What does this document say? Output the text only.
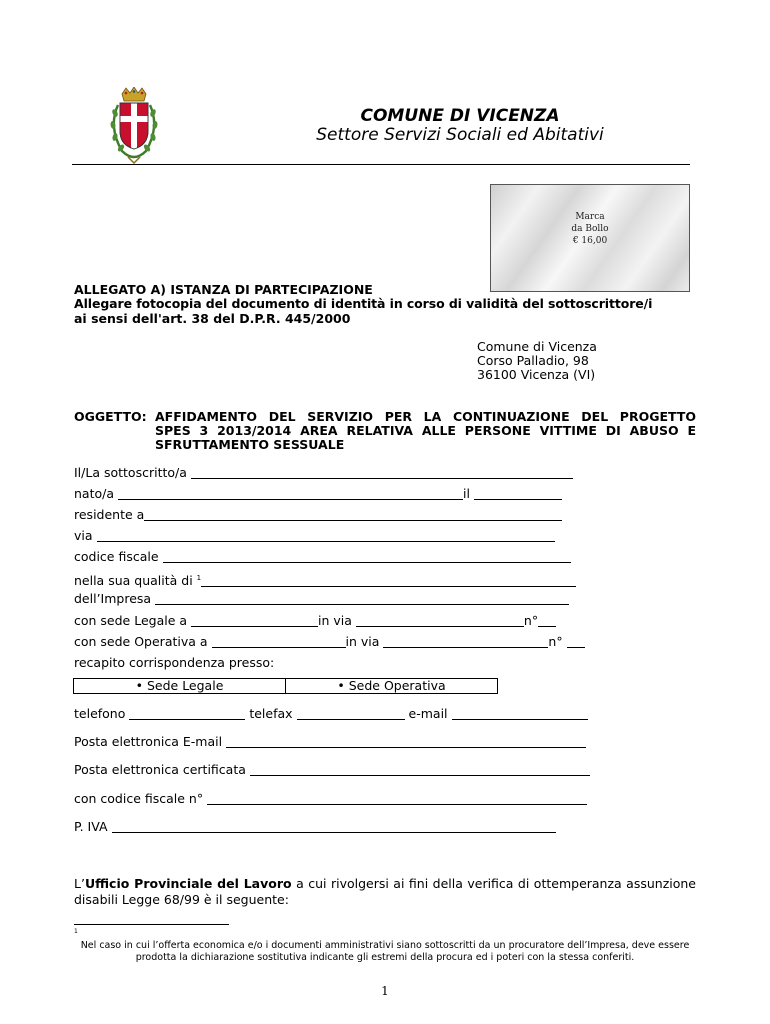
COMUNE DI VICENZA
Settore Servizi Sociali ed Abitativi
Marca
da Bollo
€ 16,00
ALLEGATO A) ISTANZA DI PARTECIPAZIONE
Allegare fotocopia del documento di identità in corso di validità del sottoscrittore/i
ai sensi dell'art. 38 del D.P.R. 445/2000
Comune di Vicenza
Corso Palladio, 98
36100 Vicenza (VI)
OGGETTO: AFFIDAMENTO DEL SERVIZIO PER LA CONTINUAZIONE DEL PROGETTO
SPES 3 2013/2014 AREA RELATIVA ALLE PERSONE VITTIME DI ABUSO E
SFRUTTAMENTO SESSUALE
Il/La sottoscritto/a
nato/a	il
residente a
via
codice fiscale
nella sua qualità di $^1$
dell’Impresa
con sede Legale a	in via	n°
con sede Operativa a	in via	n°
recapito corrispondenza presso:
• Sede Legale	• Sede Operativa
telefono	telefax	e-mail
Posta elettronica E-mail
Posta elettronica certificata
con codice fiscale n°
P. IVA
L’Ufficio Provinciale del Lavoro a cui rivolgersi ai fini della verifica di ottemperanza assunzione disabili Legge 68/99 è il seguente:
1
Nel caso in cui l’offerta economica e/o i documenti amministrativi siano sottoscritti da un procuratore dell’Impresa, deve essere prodotta la dichiarazione sostitutiva indicante gli estremi della procura ed i poteri con la stessa conferiti.
1
